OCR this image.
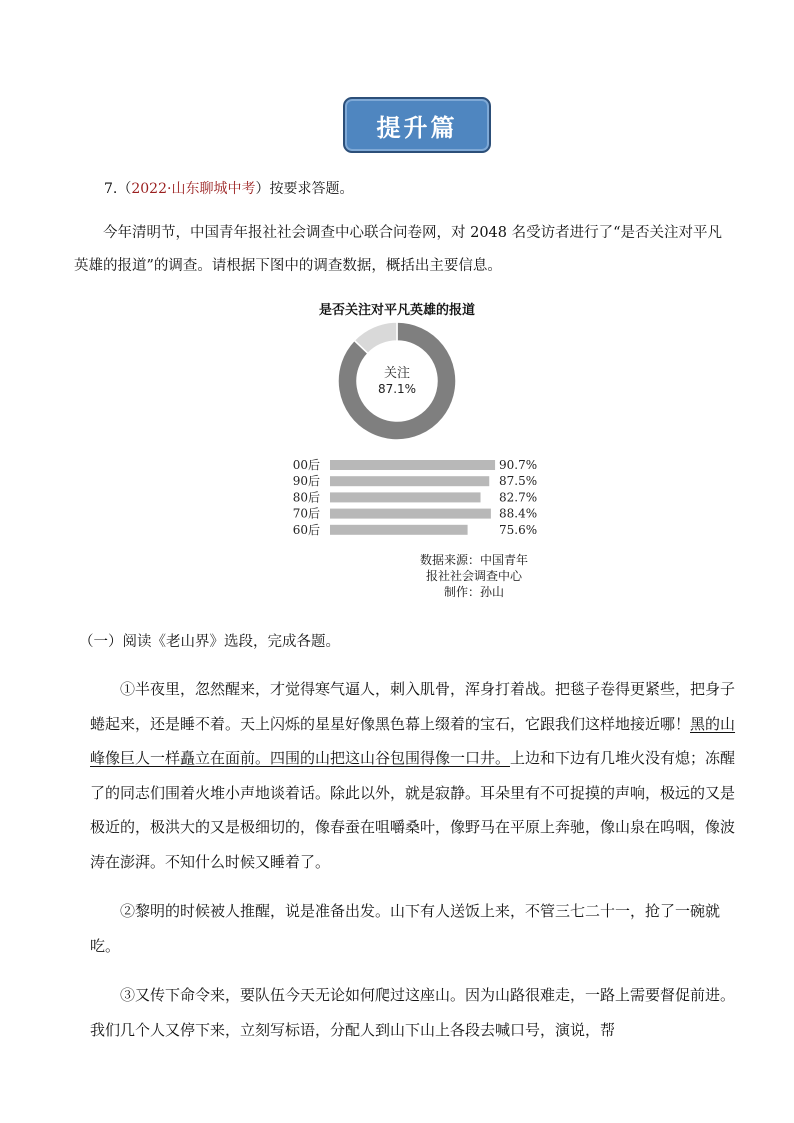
提升篇
7.（2022·山东聊城中考）按要求答题。

今年清明节，中国青年报社社会调查中心联合问卷网，对 2048 名受访者进行了“是否关注对平凡英雄的报道”的调查。请根据下图中的调查数据，概括出主要信息。

是否关注对平凡英雄的报道
关注
87.1%
00后	90.7%
90后	87.5%
80后	82.7%
70后	88.4%
60后	75.6%
数据来源：中国青年
报社社会调查中心
制作：孙山
（一）阅读《老山界》选段，完成各题。

①半夜里，忽然醒来，才觉得寒气逼人，刺入肌骨，浑身打着战。把毯子卷得更紧些，把身子蜷起来，还是睡不着。天上闪烁的星星好像黑色幕上缀着的宝石，它跟我们这样地接近哪！黑的山峰像巨人一样矗立在面前。四围的山把这山谷包围得像一口井。上边和下边有几堆火没有熄；冻醒了的同志们围着火堆小声地谈着话。除此以外，就是寂静。耳朵里有不可捉摸的声响，极远的又是极近的，极洪大的又是极细切的，像春蚕在咀嚼桑叶，像野马在平原上奔驰，像山泉在呜咽，像波涛在澎湃。不知什么时候又睡着了。

②黎明的时候被人推醒，说是准备出发。山下有人送饭上来，不管三七二十一，抢了一碗就吃。

③又传下命令来，要队伍今天无论如何爬过这座山。因为山路很难走，一路上需要督促前进。我们几个人又停下来，立刻写标语，分配人到山下山上各段去喊口号，演说，帮
